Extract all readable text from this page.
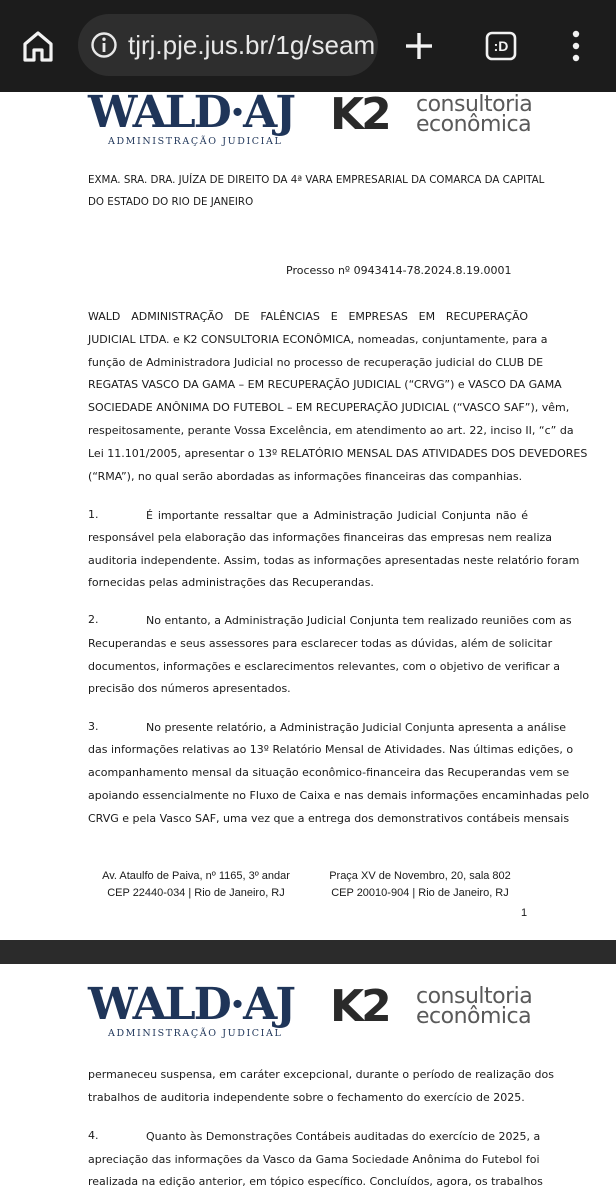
tjrj.pje.jus.br/1g/seam	:D
WALD·AJ
ADMINISTRAÇÃO JUDICIAL
K2 consultoria
econômica
EXMA. SRA. DRA. JUÍZA DE DIREITO DA 4ª VARA EMPRESARIAL DA COMARCA DA CAPITAL
DO ESTADO DO RIO DE JANEIRO
Processo nº 0943414-78.2024.8.19.0001
WALD ADMINISTRAÇÃO DE FALÊNCIAS E EMPRESAS EM RECUPERAÇÃO
JUDICIAL LTDA. e K2 CONSULTORIA ECONÔMICA, nomeadas, conjuntamente, para a
função de Administradora Judicial no processo de recuperação judicial do CLUB DE
REGATAS VASCO DA GAMA – EM RECUPERAÇÃO JUDICIAL (“CRVG”) e VASCO DA GAMA
SOCIEDADE ANÔNIMA DO FUTEBOL – EM RECUPERAÇÃO JUDICIAL (“VASCO SAF”), vêm,
respeitosamente, perante Vossa Excelência, em atendimento ao art. 22, inciso II, “c” da
Lei 11.101/2005, apresentar o 13º RELATÓRIO MENSAL DAS ATIVIDADES DOS DEVEDORES
(“RMA”), no qual serão abordadas as informações financeiras das companhias.
1.	É importante ressaltar que a Administração Judicial Conjunta não é
responsável pela elaboração das informações financeiras das empresas nem realiza
auditoria independente. Assim, todas as informações apresentadas neste relatório foram
fornecidas pelas administrações das Recuperandas.
2.	No entanto, a Administração Judicial Conjunta tem realizado reuniões com as
Recuperandas e seus assessores para esclarecer todas as dúvidas, além de solicitar
documentos, informações e esclarecimentos relevantes, com o objetivo de verificar a
precisão dos números apresentados.
3.	No presente relatório, a Administração Judicial Conjunta apresenta a análise
das informações relativas ao 13º Relatório Mensal de Atividades. Nas últimas edições, o
acompanhamento mensal da situação econômico-financeira das Recuperandas vem se
apoiando essencialmente no Fluxo de Caixa e nas demais informações encaminhadas pelo
CRVG e pela Vasco SAF, uma vez que a entrega dos demonstrativos contábeis mensais
Av. Ataulfo de Paiva, nº 1165, 3º andar
CEP 22440-034 | Rio de Janeiro, RJ
Praça XV de Novembro, 20, sala 802
CEP 20010-904 | Rio de Janeiro, RJ
1
WALD·AJ
ADMINISTRAÇÃO JUDICIAL
K2 consultoria
econômica
permaneceu suspensa, em caráter excepcional, durante o período de realização dos
trabalhos de auditoria independente sobre o fechamento do exercício de 2025.
4.	Quanto às Demonstrações Contábeis auditadas do exercício de 2025, a
apreciação das informações da Vasco da Gama Sociedade Anônima do Futebol foi
realizada na edição anterior, em tópico específico. Concluídos, agora, os trabalhos
